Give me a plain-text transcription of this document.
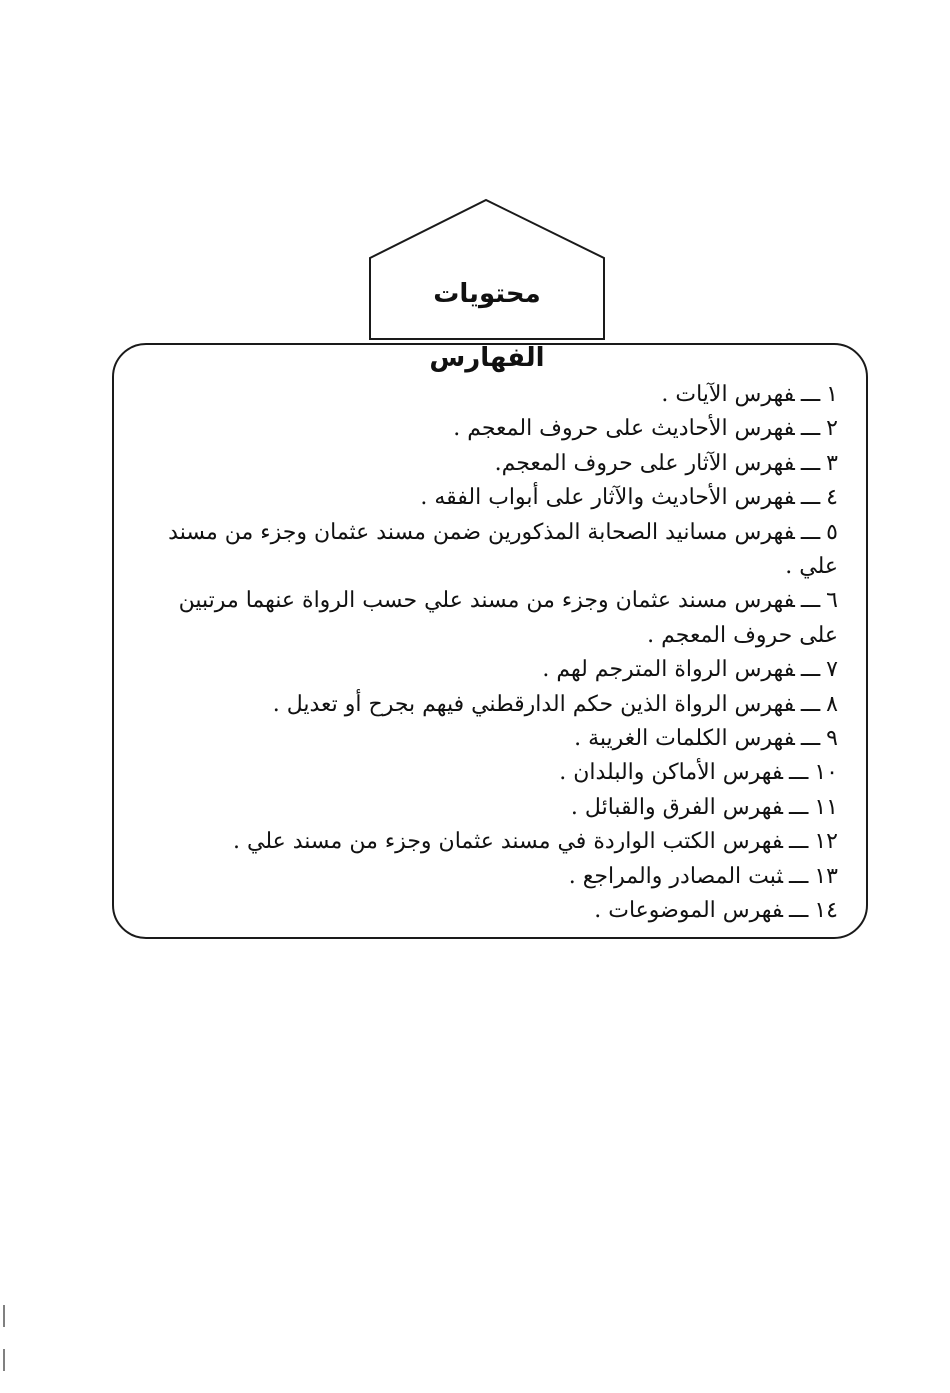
محتويات الفهارس
١ـــفهرس الآيات .
٢ـــفهرس الأحاديث على حروف المعجم .
٣ـــفهرس الآثار على حروف المعجم.
٤ـــفهرس الأحاديث والآثار على أبواب الفقه .
٥ـــفهرس مسانيد الصحابة المذكورين ضمن مسند عثمان وجزء من مسند علي .
٦ـــفهرس مسند عثمان وجزء من مسند علي حسب الرواة عنهما مرتبين على حروف المعجم .
٧ـــفهرس الرواة المترجم لهم .
٨ـــفهرس الرواة الذين حكم الدارقطني فيهم بجرح أو تعديل .
٩ـــفهرس الكلمات الغريبة .
١٠ـــفهرس الأماكن والبلدان .
١١ـــفهرس الفرق والقبائل .
١٢ـــفهرس الكتب الواردة في مسند عثمان وجزء من مسند علي .
١٣ـــثبت المصادر والمراجع .
١٤ـــفهرس الموضوعات .
